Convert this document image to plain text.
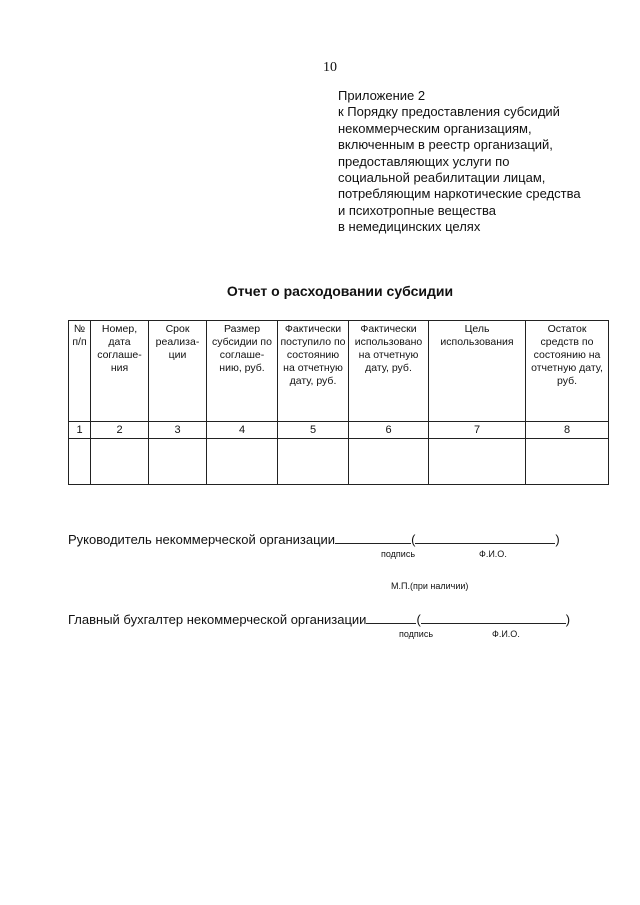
10
Приложение 2
к Порядку предоставления субсидий
некоммерческим организациям,
включенным в реестр организаций,
предоставляющих услуги по
социальной реабилитации лицам,
потребляющим наркотические средства
и психотропные вещества
в немедицинских целях
Отчет о расходовании субсидии
№ п/п	Номер, дата соглаше-ния	Срок реализа-ции	Размер субсидии по соглаше-нию, руб.	Фактически поступило по состоянию на отчетную дату, руб.	Фактически использовано на отчетную дату, руб.	Цель использования	Остаток средств по состоянию на отчетную дату, руб.
1	2	3	4	5	6	7	8

Руководитель некоммерческой организации	(	)
подпись	Ф.И.О.
М.П.(при наличии)
Главный бухгалтер некоммерческой организации	(	)
подпись	Ф.И.О.
